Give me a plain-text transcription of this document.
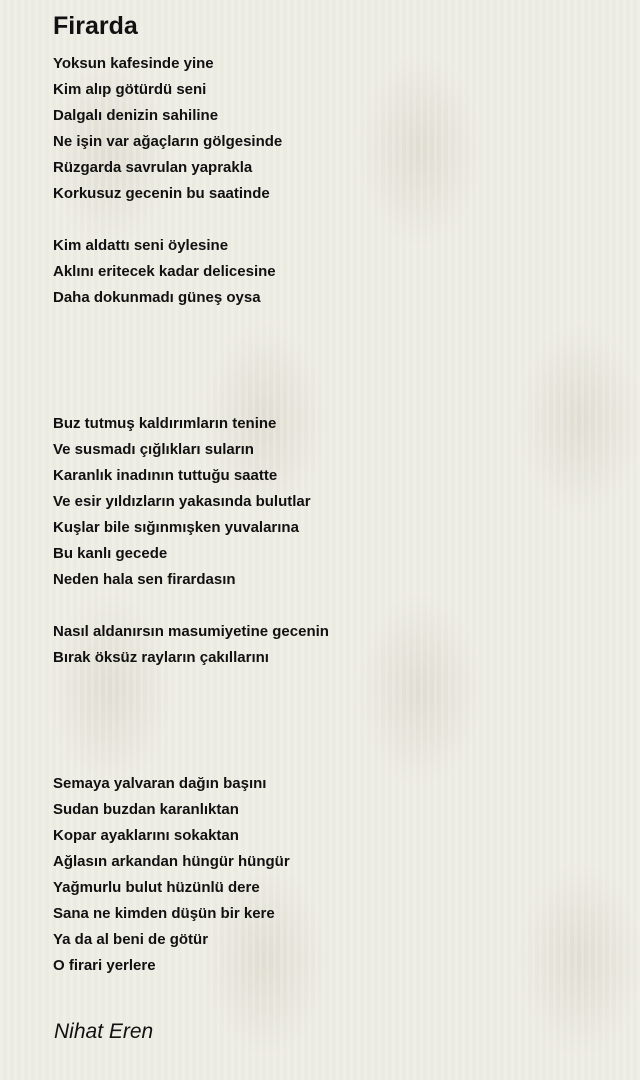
Firarda
Yoksun kafesinde yine
Kim alıp götürdü seni
Dalgalı denizin sahiline
Ne işin var ağaçların gölgesinde
Rüzgarda savrulan yaprakla
Korkusuz gecenin bu saatinde
Kim aldattı seni öylesine
Aklını eritecek kadar delicesine
Daha dokunmadı güneş oysa
Buz tutmuş kaldırımların tenine
Ve susmadı çığlıkları suların
Karanlık inadının tuttuğu saatte
Ve esir yıldızların yakasında bulutlar
Kuşlar bile sığınmışken yuvalarına
Bu kanlı gecede
Neden hala sen firardasın
Nasıl aldanırsın masumiyetine gecenin
Bırak öksüz rayların çakıllarını
Semaya yalvaran dağın başını
Sudan buzdan karanlıktan
Kopar ayaklarını sokaktan
Ağlasın arkandan hüngür hüngür
Yağmurlu bulut hüzünlü dere
Sana ne kimden düşün bir kere
Ya da al beni de götür
O firari yerlere
Nihat Eren
